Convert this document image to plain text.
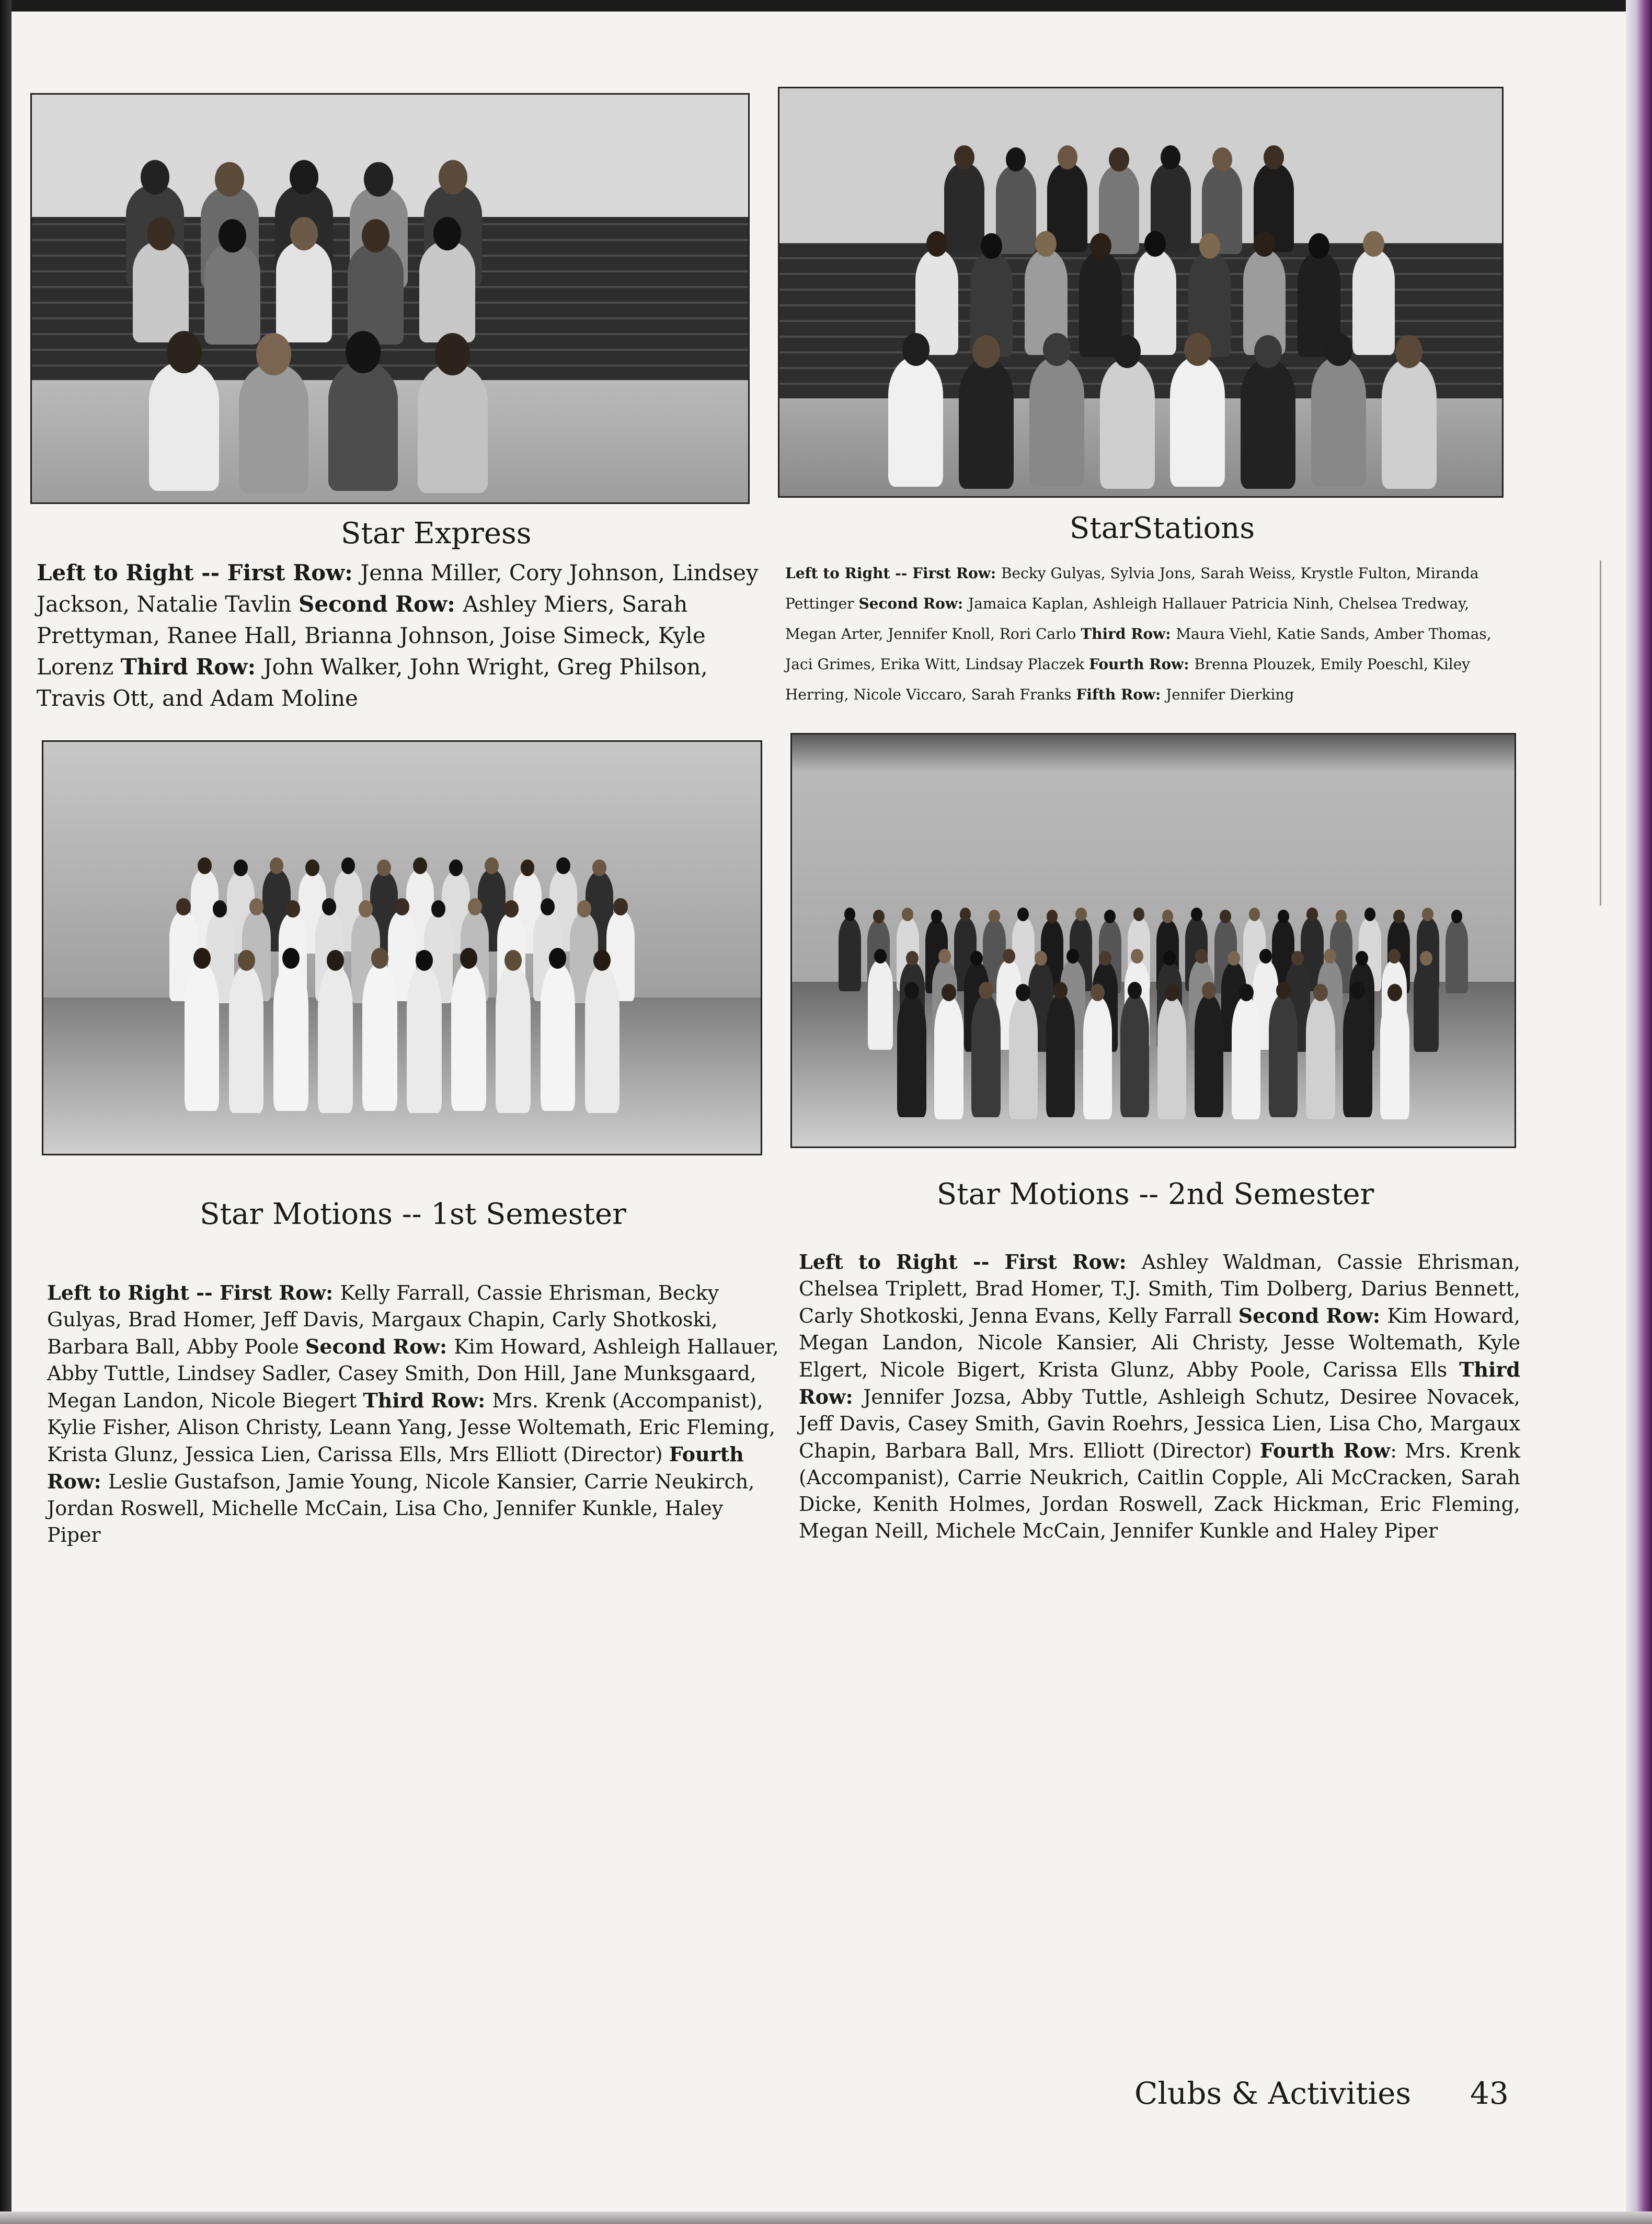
Star Express	StarStations
Star Motions -- 1st Semester
Star Motions -- 2nd Semester

Left to Right -- First Row: Jenna Miller, Cory Johnson, Lindsey Jackson, Natalie Tavlin Second Row: Ashley Miers, Sarah Prettyman, Ranee Hall, Brianna Johnson, Joise Simeck, Kyle Lorenz Third Row: John Walker, John Wright, Greg Philson, Travis Ott, and Adam Moline

Left to Right -- First Row: Becky Gulyas, Sylvia Jons, Sarah Weiss, Krystle Fulton, Miranda Pettinger Second Row: Jamaica Kaplan, Ashleigh Hallauer Patricia Ninh, Chelsea Tredway, Megan Arter, Jennifer Knoll, Rori Carlo Third Row: Maura Viehl, Katie Sands, Amber Thomas, Jaci Grimes, Erika Witt, Lindsay Placzek Fourth Row: Brenna Plouzek, Emily Poeschl, Kiley Herring, Nicole Viccaro, Sarah Franks Fifth Row: Jennifer Dierking

Left to Right -- First Row: Kelly Farrall, Cassie Ehrisman, Becky Gulyas, Brad Homer, Jeff Davis, Margaux Chapin, Carly Shotkoski, Barbara Ball, Abby Poole Second Row: Kim Howard, Ashleigh Hallauer, Abby Tuttle, Lindsey Sadler, Casey Smith, Don Hill, Jane Munksgaard, Megan Landon, Nicole Biegert Third Row: Mrs. Krenk (Accompanist), Kylie Fisher, Alison Christy, Leann Yang, Jesse Woltemath, Eric Fleming, Krista Glunz, Jessica Lien, Carissa Ells, Mrs Elliott (Director) Fourth Row: Leslie Gustafson, Jamie Young, Nicole Kansier, Carrie Neukirch, Jordan Roswell, Michelle McCain, Lisa Cho, Jennifer Kunkle, Haley Piper

Left to Right -- First Row: Ashley Waldman, Cassie Ehrisman, Chelsea Triplett, Brad Homer, T.J. Smith, Tim Dolberg, Darius Bennett, Carly Shotkoski, Jenna Evans, Kelly Farrall Second Row: Kim Howard, Megan Landon, Nicole Kansier, Ali Christy, Jesse Woltemath, Kyle Elgert, Nicole Bigert, Krista Glunz, Abby Poole, Carissa Ells Third Row: Jennifer Jozsa, Abby Tuttle, Ashleigh Schutz, Desiree Novacek, Jeff Davis, Casey Smith, Gavin Roehrs, Jessica Lien, Lisa Cho, Margaux Chapin, Barbara Ball, Mrs. Elliott (Director) Fourth Row: Mrs. Krenk (Accompanist), Carrie Neukrich, Caitlin Copple, Ali McCracken, Sarah Dicke, Kenith Holmes, Jordan Roswell, Zack Hickman, Eric Fleming, Megan Neill, Michele McCain, Jennifer Kunkle and Haley Piper

Clubs & Activities 43
